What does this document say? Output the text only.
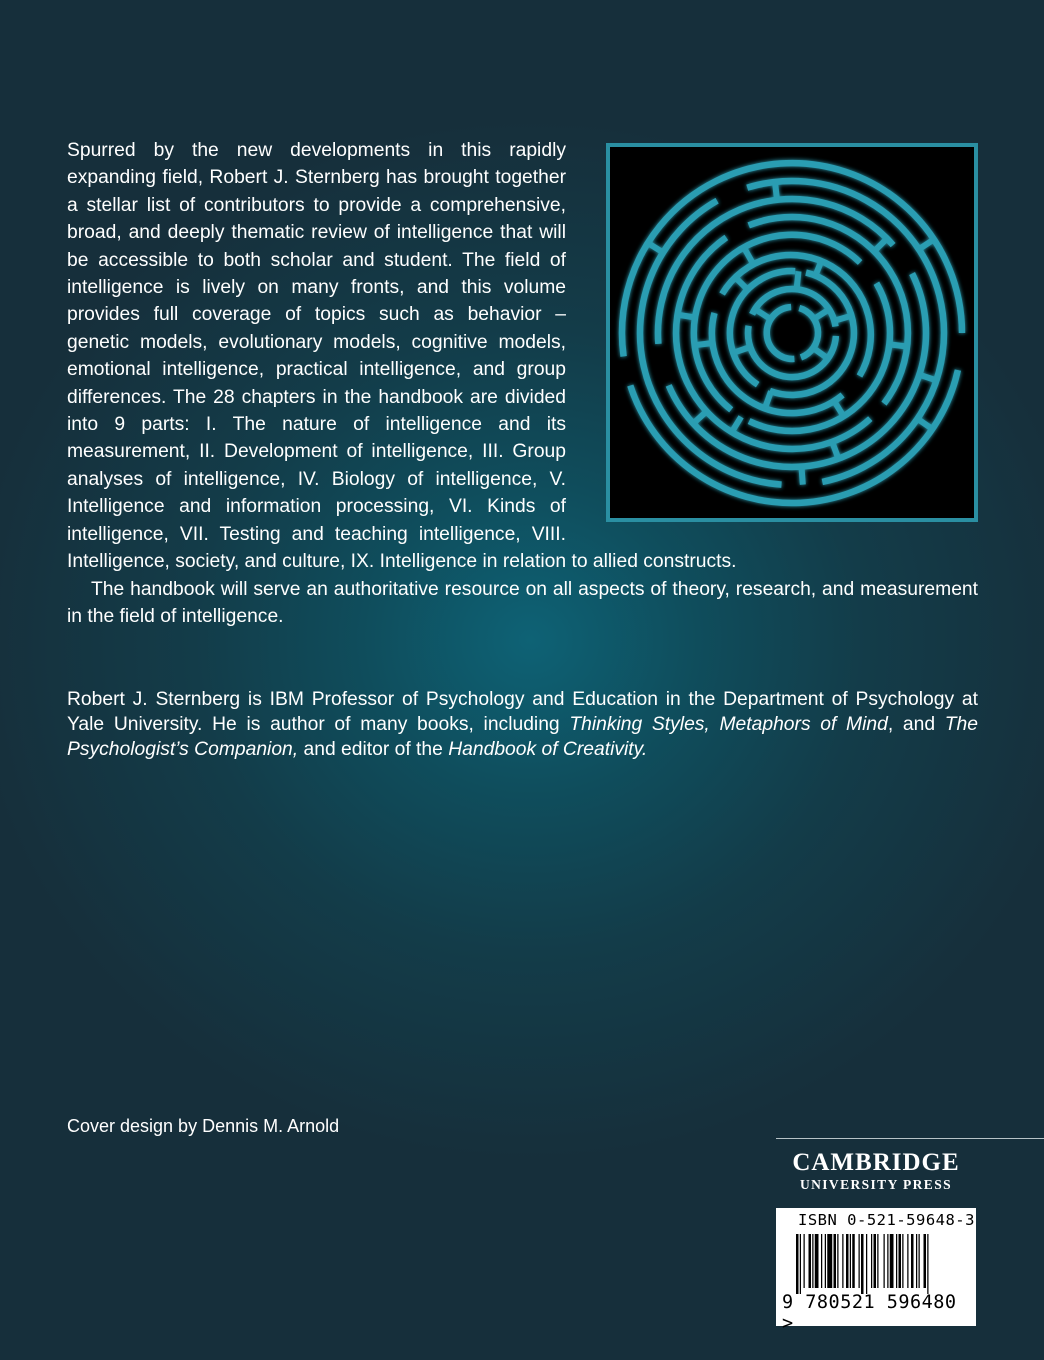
Spurred by the new developments in this rapidly expanding field, Robert J. Sternberg has brought together a stellar list of contributors to provide a comprehensive, broad, and deeply thematic review of intelligence that will be accessible to both scholar and student. The field of intelligence is lively on many fronts, and this volume provides full coverage of topics such as behavior – genetic models, evolutionary models, cognitive models, emotional intelligence, practical intelligence, and group differences. The 28 chapters in the handbook are divided into 9 parts: I. The nature of intelligence and its measurement, II. Development of intelligence, III. Group analyses of intelligence, IV. Biology of intelligence, V. Intelligence and information processing, VI. Kinds of intelligence, VII. Testing and teaching intelligence, VIII. Intelligence, society, and culture, IX. Intelligence in relation to allied constructs.

The handbook will serve an authoritative resource on all aspects of theory, research, and measurement in the field of intelligence.

Robert J. Sternberg is IBM Professor of Psychology and Education in the Department of Psychology at Yale University. He is author of many books, including Thinking Styles, Metaphors of Mind, and The Psychologist’s Companion, and editor of the Handbook of Creativity.
Cover design by Dennis M. Arnold
CAMBRIDGE
UNIVERSITY PRESS
ISBN 0-521-59648-3
9 780521 596480 >
